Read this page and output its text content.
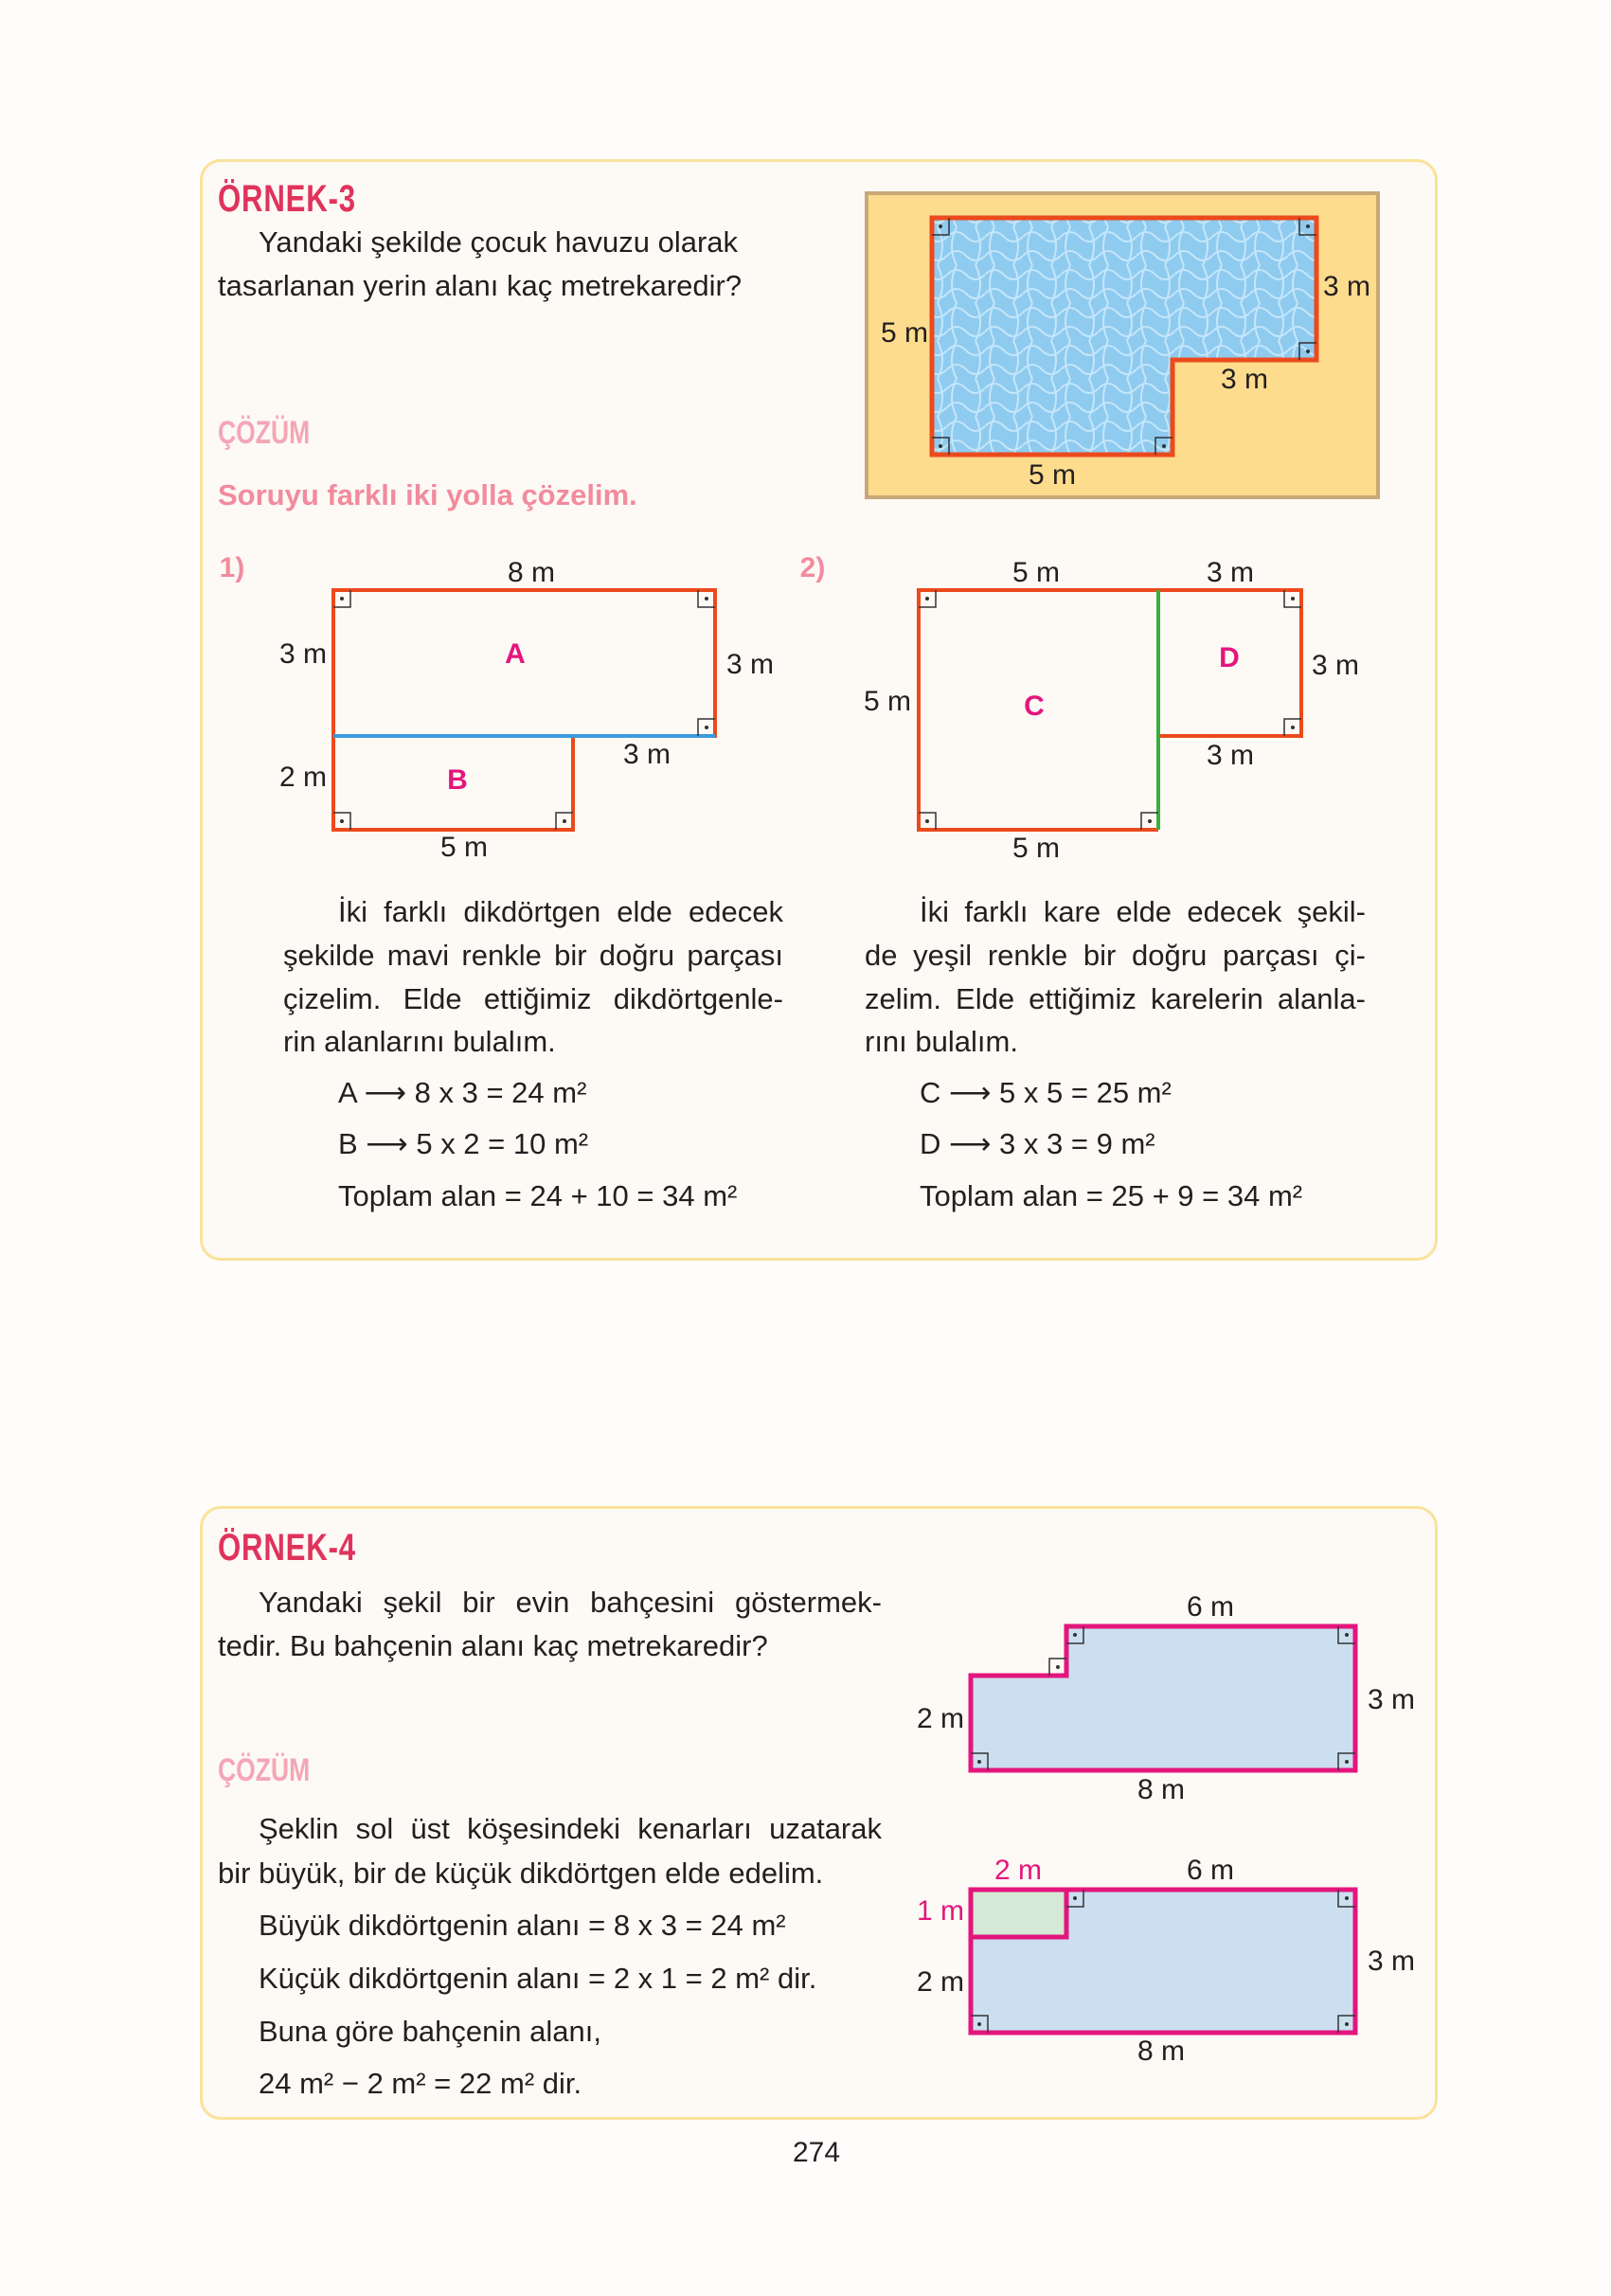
ÖRNEK-3
Yandaki şekilde çocuk havuzu olarak
tasarlanan yerin alanı kaç metrekaredir?
ÇÖZÜM
Soruyu farklı iki yolla çözelim.
3 m
5 m
3 m
5 m
1)	8 m
3 m	A	3 m
2 m	B
3 m
5 m
2)	5 m	3 m
D	3 m
5 m	C
3 m
5 m
İki farklı dikdörtgen elde edecek
şekilde mavi renkle bir doğru parçası
çizelim. Elde ettiğimiz dikdörtgenle-
rin alanlarını bulalım.
A ⟶ 8 x 3 = 24 m²
B ⟶ 5 x 2 = 10 m²
Toplam alan = 24 + 10 = 34 m²
İki farklı kare elde edecek şekil-
de yeşil renkle bir doğru parçası çi-
zelim. Elde ettiğimiz karelerin alanla-
rını bulalım.
C ⟶ 5 x 5 = 25 m²
D ⟶ 3 x 3 = 9 m²
Toplam alan = 25 + 9 = 34 m²
ÖRNEK-4
Yandaki şekil bir evin bahçesini göstermek-
tedir. Bu bahçenin alanı kaç metrekaredir?
ÇÖZÜM
Şeklin sol üst köşesindeki kenarları uzatarak
bir büyük, bir de küçük dikdörtgen elde edelim.
Büyük dikdörtgenin alanı = 8 x 3 = 24 m²
Küçük dikdörtgenin alanı = 2 x 1 = 2 m² dir.
Buna göre bahçenin alanı,
24 m² − 2 m² = 22 m² dir.
6 m
3 m
2 m
8 m
2 m	6 m
1 m
3 m
2 m
8 m
274
